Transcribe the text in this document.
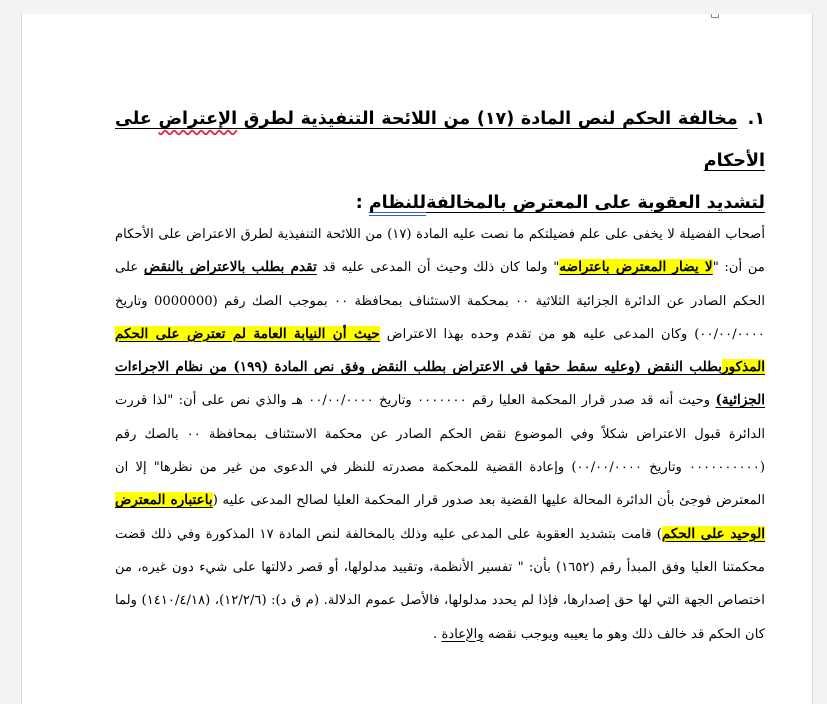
١.مخالفة الحكم لنص المادة (١٧) من اللائحة التنفيذية لطرق الإعتراض على الأحكام
لتشديد العقوبة على المعترض بالمخالفةللنظام :
أصحاب الفضيلة لا يخفى على علم فضيلتكم ما نصت عليه المادة (١٧) من اللائحة التنفيذية لطرق الاعتراض على الأحكام من أن: "لا يضار المعترض باعتراضه" ولما كان ذلك وحيث أن المدعى عليه قد تقدم بطلب بالاعتراض بالنقض على الحكم الصادر عن الدائرة الجزائية الثلاثية ٠٠ بمحكمة الاستئناف بمحافظة ٠٠ بموجب الصك رقم (0000000 وتاريخ ٠٠/٠٠/٠٠٠٠) وكان المدعى عليه هو من تقدم وحده بهذا الاعتراض حيث أن النيابة العامة لم تعترض على الحكم المذكوربطلب النقض (وعليه سقط حقها في الاعتراض بطلب النقض وفق نص المادة (١٩٩) من نظام الاجراءات الجزائية) وحيث أنه قد صدر قرار المحكمة العليا رقم ٠٠٠٠٠٠٠ وتاريخ ٠٠/٠٠/٠٠٠٠ هـ والذي نص على أن: "لذا قررت الدائرة قبول الاعتراض شكلاً وفي الموضوع نقض الحكم الصادر عن محكمة الاستئناف بمحافظة ٠٠ بالصك رقم (٠٠٠٠٠٠٠٠٠٠ وتاريخ ٠٠/٠٠/٠٠٠٠) وإعادة القضية للمحكمة مصدرته للنظر في الدعوى من غير من نظرها" إلا ان المعترض فوجئ بأن الدائرة المحالة عليها القضية بعد صدور قرار المحكمة العليا لصالح المدعى عليه (باعتباره المعترض الوحيد على الحكم) قامت بتشديد العقوبة على المدعى عليه وذلك بالمخالفة لنص المادة ١٧ المذكورة وفي ذلك قضت محكمتنا العليا وفق المبدأ رقم (١٦٥٢) بأن: " تفسير الأنظمة، وتقييد مدلولها، أو قصر دلالتها على شيء دون غيره، من اختصاص الجهة التي لها حق إصدارها، فإذا لم يحدد مدلولها، فالأصل عموم الدلالة. (م ق د): (١٢/٢/٦)، (١٤١٠/٤/١٨) ولما كان الحكم قد خالف ذلك وهو ما يعيبه ويوجب نقضه والإعادة .
